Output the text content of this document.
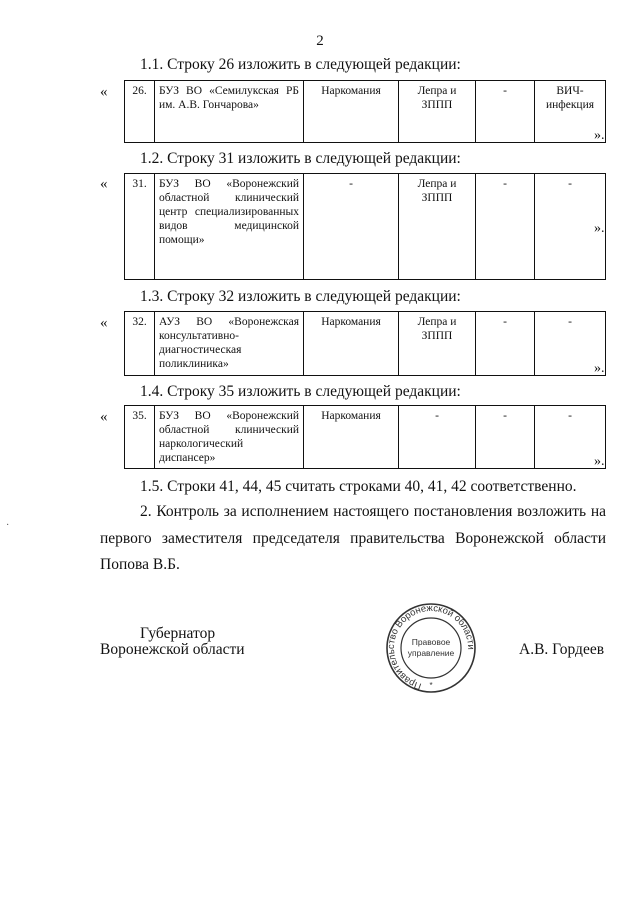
2
1.1. Строку 26 изложить в следующей редакции:
« 26.	БУЗ ВО «Семилукская РБ им. А.В. Гончарова»	Наркомания	Лепра и ЗППП	-	ВИЧ-инфекция
».
1.2. Строку 31 изложить в следующей редакции:
« 31.	БУЗ ВО «Воронежский областной клинический центр специализированных видов медицинской помощи»	-	Лепра и ЗППП	-	-
».
1.3. Строку 32 изложить в следующей редакции:
« 32.	АУЗ ВО «Воронежская консультативно-диагностическая поликлиника»	Наркомания	Лепра и ЗППП	-	-
».
1.4. Строку 35 изложить в следующей редакции:
« 35.	БУЗ ВО «Воронежский областной клинический наркологический диспансер»	Наркомания	-	-	-
».
1.5. Строки 41, 44, 45 считать строками 40, 41, 42 соответственно.
2. Контроль за исполнением настоящего постановления возложить на
первого заместителя председателя правительства Воронежской области
Попова В.Б.
·
Губернатор
Воронежской области	А.В. Гордеев
Правительство Воронежской области
Правовое
управление
*
